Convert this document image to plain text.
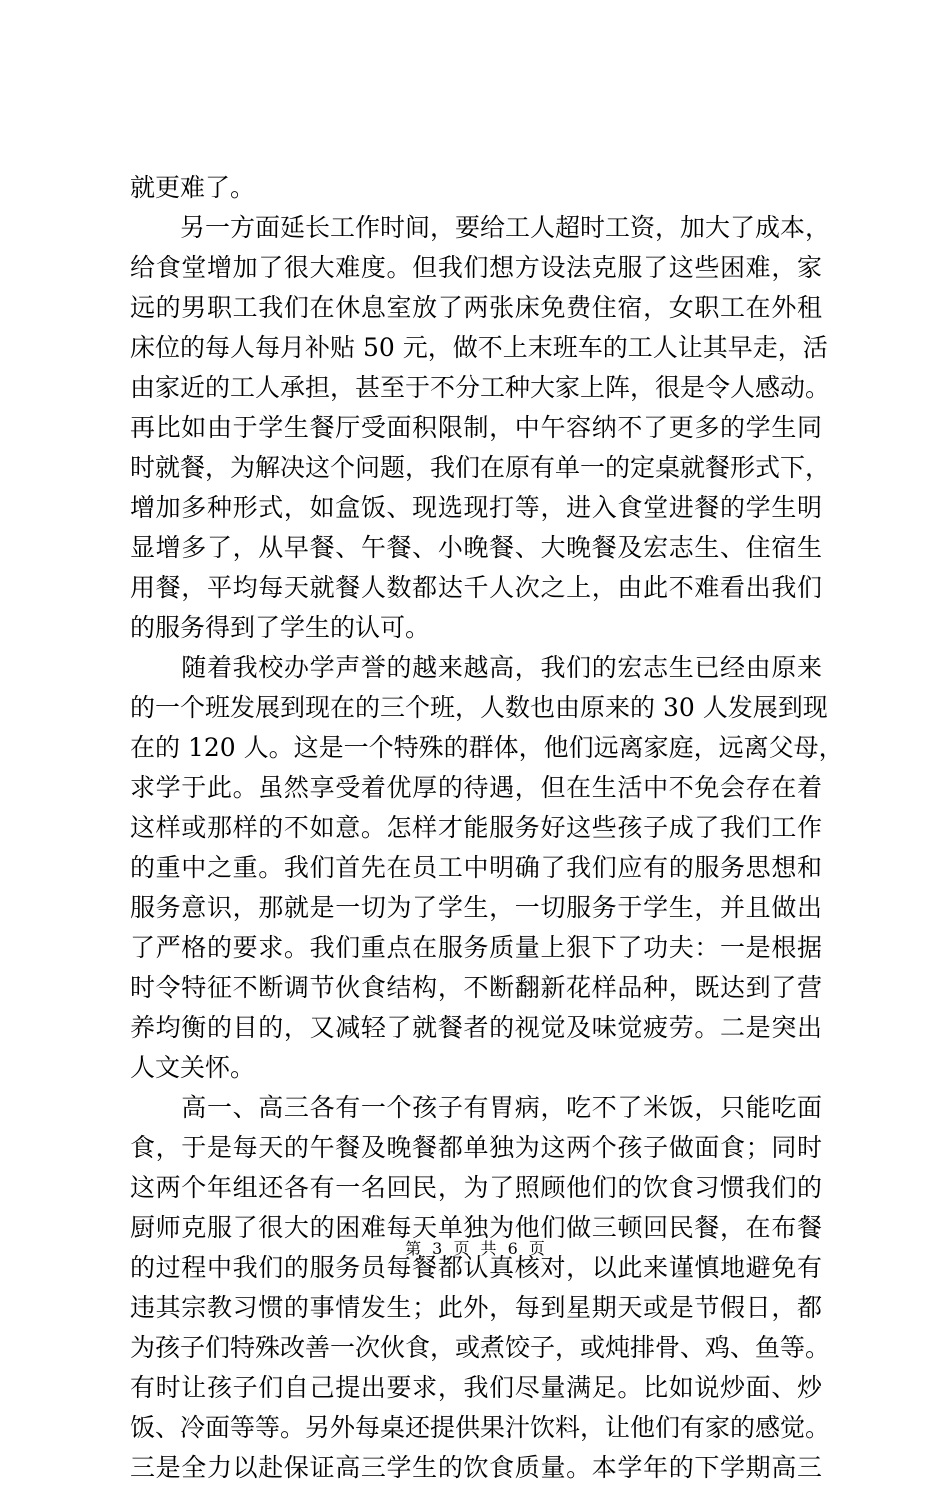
就更难了。
　　另一方面延长工作时间，要给工人超时工资，加大了成本，
给食堂增加了很大难度。但我们想方设法克服了这些困难，家
远的男职工我们在休息室放了两张床免费住宿，女职工在外租
床位的每人每月补贴 50 元，做不上末班车的工人让其早走，活
由家近的工人承担，甚至于不分工种大家上阵，很是令人感动。
再比如由于学生餐厅受面积限制，中午容纳不了更多的学生同
时就餐，为解决这个问题，我们在原有单一的定桌就餐形式下，
增加多种形式，如盒饭、现选现打等，进入食堂进餐的学生明
显增多了，从早餐、午餐、小晚餐、大晚餐及宏志生、住宿生
用餐，平均每天就餐人数都达千人次之上，由此不难看出我们
的服务得到了学生的认可。
　　随着我校办学声誉的越来越高，我们的宏志生已经由原来
的一个班发展到现在的三个班，人数也由原来的 30 人发展到现
在的 120 人。这是一个特殊的群体，他们远离家庭，远离父母，
求学于此。虽然享受着优厚的待遇，但在生活中不免会存在着
这样或那样的不如意。怎样才能服务好这些孩子成了我们工作
的重中之重。我们首先在员工中明确了我们应有的服务思想和
服务意识，那就是一切为了学生，一切服务于学生，并且做出
了严格的要求。我们重点在服务质量上狠下了功夫：一是根据
时令特征不断调节伙食结构，不断翻新花样品种，既达到了营
养均衡的目的，又减轻了就餐者的视觉及味觉疲劳。二是突出
人文关怀。
　　高一、高三各有一个孩子有胃病，吃不了米饭，只能吃面
食，于是每天的午餐及晚餐都单独为这两个孩子做面食；同时
这两个年组还各有一名回民，为了照顾他们的饮食习惯我们的
厨师克服了很大的困难每天单独为他们做三顿回民餐，在布餐
的过程中我们的服务员每餐都认真核对，以此来谨慎地避免有
违其宗教习惯的事情发生；此外，每到星期天或是节假日，都
为孩子们特殊改善一次伙食，或煮饺子，或炖排骨、鸡、鱼等。
有时让孩子们自己提出要求，我们尽量满足。比如说炒面、炒
饭、冷面等等。另外每桌还提供果汁饮料，让他们有家的感觉。
三是全力以赴保证高三学生的饮食质量。本学年的下学期高三
第 3 页 共 6 页
